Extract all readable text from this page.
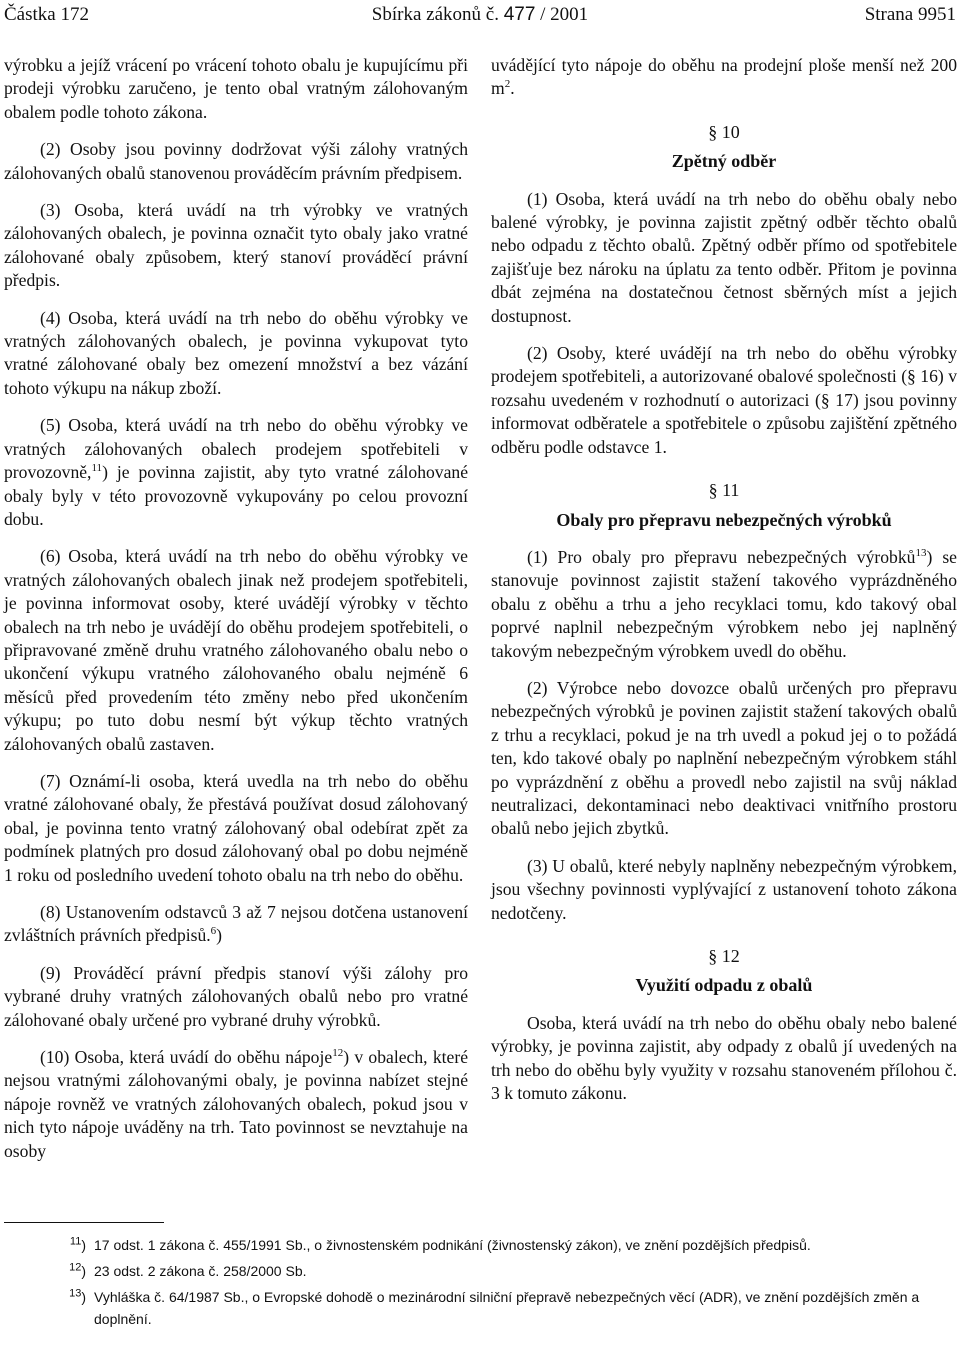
Částka 172	Sbírka zákonů č. 477 / 2001	Strana 9951

výrobku a jejíž vrácení po vrácení tohoto obalu je kupujícímu při prodeji výrobku zaručeno, je tento obal vratným zálohovaným obalem podle tohoto zákona.

(2) Osoby jsou povinny dodržovat výši zálohy vratných zálohovaných obalů stanovenou prováděcím právním předpisem.

(3) Osoba, která uvádí na trh výrobky ve vratných zálohovaných obalech, je povinna označit tyto obaly jako vratné zálohované obaly způsobem, který stanoví prováděcí právní předpis.

(4) Osoba, která uvádí na trh nebo do oběhu výrobky ve vratných zálohovaných obalech, je povinna vykupovat tyto vratné zálohované obaly bez omezení množství a bez vázání tohoto výkupu na nákup zboží.

(5) Osoba, která uvádí na trh nebo do oběhu výrobky ve vratných zálohovaných obalech prodejem spotřebiteli v provozovně,$^{11}$) je povinna zajistit, aby tyto vratné zálohované obaly byly v této provozovně vykupovány po celou provozní dobu.

(6) Osoba, která uvádí na trh nebo do oběhu výrobky ve vratných zálohovaných obalech jinak než prodejem spotřebiteli, je povinna informovat osoby, které uvádějí výrobky v těchto obalech na trh nebo je uvádějí do oběhu prodejem spotřebiteli, o připravované změně druhu vratného zálohovaného obalu nebo o ukončení výkupu vratného zálohovaného obalu nejméně 6 měsíců před provedením této změny nebo před ukončením výkupu; po tuto dobu nesmí být výkup těchto vratných zálohovaných obalů zastaven.

(7) Oznámí-li osoba, která uvedla na trh nebo do oběhu vratné zálohované obaly, že přestává používat dosud zálohovaný obal, je povinna tento vratný zálohovaný obal odebírat zpět za podmínek platných pro dosud zálohovaný obal po dobu nejméně 1 roku od posledního uvedení tohoto obalu na trh nebo do oběhu.

(8) Ustanovením odstavců 3 až 7 nejsou dotčena ustanovení zvláštních právních předpisů.$^6$)

(9) Prováděcí právní předpis stanoví výši zálohy pro vybrané druhy vratných zálohovaných obalů nebo pro vratné zálohované obaly určené pro vybrané druhy výrobků.

(10) Osoba, která uvádí do oběhu nápoje$^{12}$) v obalech, které nejsou vratnými zálohovanými obaly, je povinna nabízet stejné nápoje rovněž ve vratných zálohovaných obalech, pokud jsou v nich tyto nápoje uváděny na trh. Tato povinnost se nevztahuje na osoby

uvádějící tyto nápoje do oběhu na prodejní ploše menší než 200 $m^2$.

§ 10
Zpětný odběr

(1) Osoba, která uvádí na trh nebo do oběhu obaly nebo balené výrobky, je povinna zajistit zpětný odběr těchto obalů nebo odpadu z těchto obalů. Zpětný odběr přímo od spotřebitele zajišťuje bez nároku na úplatu za tento odběr. Přitom je povinna dbát zejména na dostatečnou četnost sběrných míst a jejich dostupnost.

(2) Osoby, které uvádějí na trh nebo do oběhu výrobky prodejem spotřebiteli, a autorizované obalové společnosti (§ 16) v rozsahu uvedeném v rozhodnutí o autorizaci (§ 17) jsou povinny informovat odběratele a spotřebitele o způsobu zajištění zpětného odběru podle odstavce 1.

§ 11
Obaly pro přepravu nebezpečných výrobků

(1) Pro obaly pro přepravu nebezpečných výrobků$^{13}$) se stanovuje povinnost zajistit stažení takového vyprázdněného obalu z oběhu a trhu a jeho recyklaci tomu, kdo takový obal poprvé naplnil nebezpečným výrobkem nebo jej naplněný takovým nebezpečným výrobkem uvedl do oběhu.

(2) Výrobce nebo dovozce obalů určených pro přepravu nebezpečných výrobků je povinen zajistit stažení takových obalů z trhu a recyklaci, pokud je na trh uvedl a pokud jej o to požádá ten, kdo takové obaly po naplnění nebezpečným výrobkem stáhl po vyprázdnění z oběhu a provedl nebo zajistil na svůj náklad neutralizaci, dekontaminaci nebo deaktivaci vnitřního prostoru obalů nebo jejich zbytků.

(3) U obalů, které nebyly naplněny nebezpečným výrobkem, jsou všechny povinnosti vyplývající z ustanovení tohoto zákona nedotčeny.

§ 12
Využití odpadu z obalů

Osoba, která uvádí na trh nebo do oběhu obaly nebo balené výrobky, je povinna zajistit, aby odpady z obalů jí uvedených na trh nebo do oběhu byly využity v rozsahu stanoveném přílohou č. 3 k tomuto zákonu.

$^{11}$) 17 odst. 1 zákona č. 455/1991 Sb., o živnostenském podnikání (živnostenský zákon), ve znění pozdějších předpisů.
$^{12}$) 23 odst. 2 zákona č. 258/2000 Sb.
$^{13}$) Vyhláška č. 64/1987 Sb., o Evropské dohodě o mezinárodní silniční přepravě nebezpečných věcí (ADR), ve znění pozdějších změn a doplnění.
